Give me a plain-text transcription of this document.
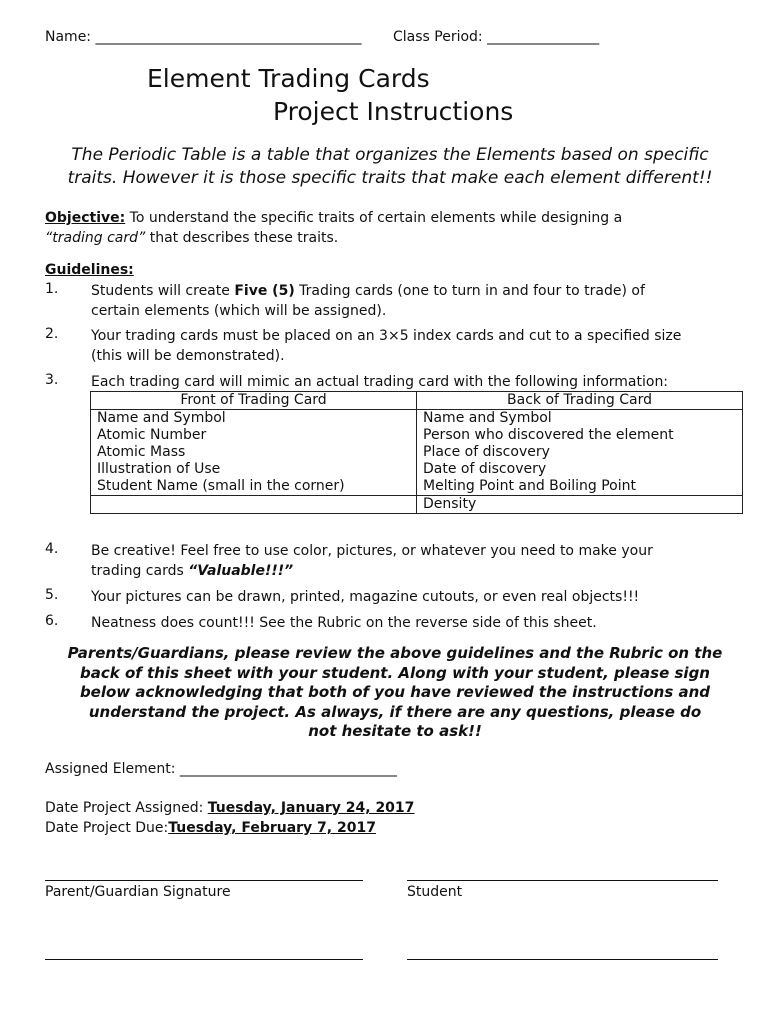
Name: ______________________________________ Class Period: ________________
Element Trading Cards
Project Instructions
The Periodic Table is a table that organizes the Elements based on specific
traits. However it is those specific traits that make each element different!!
Objective: To understand the specific traits of certain elements while designing a
“trading card” that describes these traits.
Guidelines:
1. Students will create Five (5) Trading cards (one to turn in and four to trade) of
certain elements (which will be assigned).
2. Your trading cards must be placed on an 3×5 index cards and cut to a specified size
(this will be demonstrated).
3. Each trading card will mimic an actual trading card with the following information:
Front of Trading Card	Back of Trading Card
Name and Symbol	Name and Symbol
Atomic Number	Person who discovered the element
Atomic Mass	Place of discovery
Illustration of Use	Date of discovery
Student Name (small in the corner)	Melting Point and Boiling Point
	Density
4. Be creative! Feel free to use color, pictures, or whatever you need to make your
trading cards “Valuable!!!”
5. Your pictures can be drawn, printed, magazine cutouts, or even real objects!!!
6. Neatness does count!!! See the Rubric on the reverse side of this sheet.
Parents/Guardians, please review the above guidelines and the Rubric on the
back of this sheet with your student. Along with your student, please sign
below acknowledging that both of you have reviewed the instructions and
understand the project. As always, if there are any questions, please do
not hesitate to ask!!
Assigned Element: _______________________________
Date Project Assigned: Tuesday, January 24, 2017
Date Project Due:Tuesday, February 7, 2017
Parent/Guardian Signature	Student
